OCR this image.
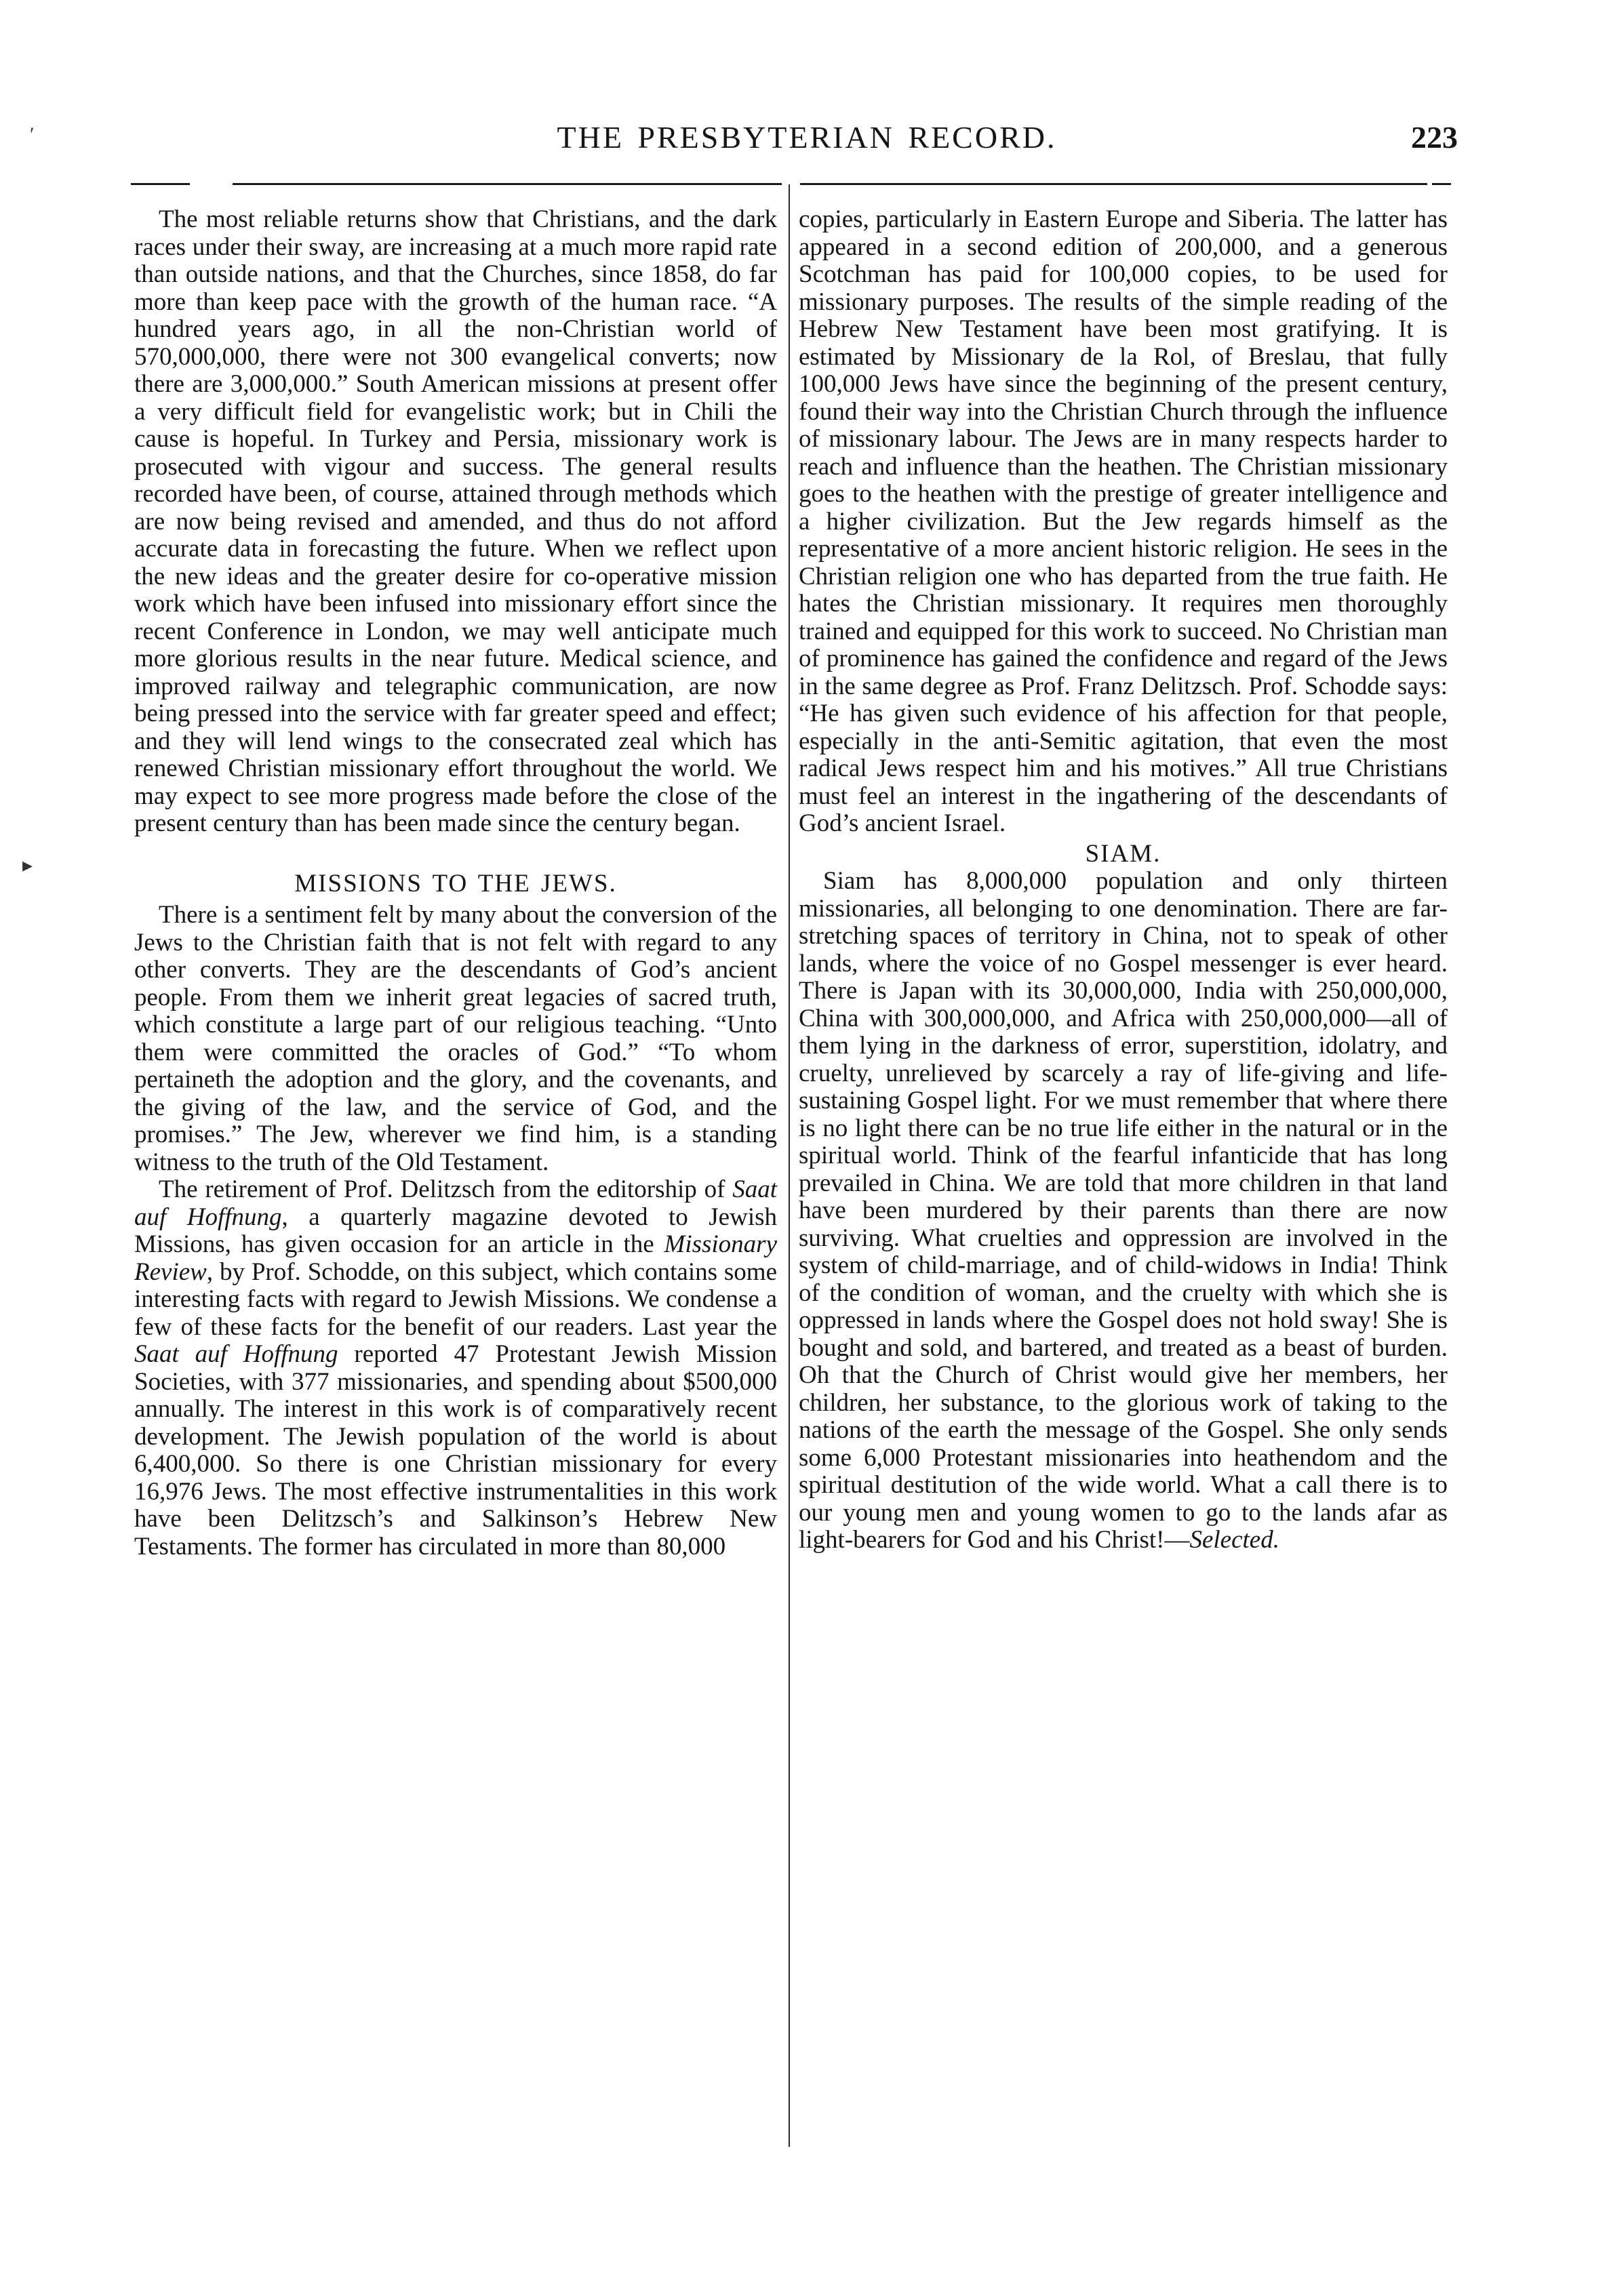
′
▸
THE PRESBYTERIAN RECORD.	223

The most reliable returns show that Christians, and the dark races under their sway, are increasing at a much more rapid rate than outside nations, and that the Churches, since 1858, do far more than keep pace with the growth of the human race. “A hundred years ago, in all the non-Christian world of 570,000,000, there were not 300 evangelical converts; now there are 3,000,000.” South American missions at present offer a very difficult field for evangelistic work; but in Chili the cause is hopeful. In Turkey and Persia, missionary work is prosecuted with vigour and success. The general results recorded have been, of course, attained through methods which are now being revised and amended, and thus do not afford accurate data in forecasting the future. When we reflect upon the new ideas and the greater desire for co-operative mission work which have been infused into missionary effort since the recent Conference in London, we may well anticipate much more glorious results in the near future. Medical science, and improved railway and telegraphic communication, are now being pressed into the service with far greater speed and effect; and they will lend wings to the consecrated zeal which has renewed Christian missionary effort throughout the world. We may expect to see more progress made before the close of the present century than has been made since the century began.

MISSIONS TO THE JEWS.

There is a sentiment felt by many about the conversion of the Jews to the Christian faith that is not felt with regard to any other converts. They are the descendants of God’s ancient people. From them we inherit great legacies of sacred truth, which constitute a large part of our religious teaching. “Unto them were committed the oracles of God.” “To whom pertaineth the adoption and the glory, and the covenants, and the giving of the law, and the service of God, and the promises.” The Jew, wherever we find him, is a standing witness to the truth of the Old Testament.

The retirement of Prof. Delitzsch from the editorship of Saat auf Hoffnung, a quarterly magazine devoted to Jewish Missions, has given occasion for an article in the Missionary Review, by Prof. Schodde, on this subject, which contains some interesting facts with regard to Jewish Missions. We condense a few of these facts for the benefit of our readers. Last year the Saat auf Hoffnung reported 47 Protestant Jewish Mission Societies, with 377 missionaries, and spending about $500,000 annually. The interest in this work is of comparatively recent development. The Jewish population of the world is about 6,400,000. So there is one Christian missionary for every 16,976 Jews. The most effective instrumentalities in this work have been Delitzsch’s and Salkinson’s Hebrew New Testaments. The former has circulated in more than 80,000

copies, particularly in Eastern Europe and Siberia. The latter has appeared in a second edition of 200,000, and a generous Scotchman has paid for 100,000 copies, to be used for missionary purposes. The results of the simple reading of the Hebrew New Testament have been most gratifying. It is estimated by Missionary de la Rol, of Breslau, that fully 100,000 Jews have since the beginning of the present century, found their way into the Christian Church through the influence of missionary labour. The Jews are in many respects harder to reach and influence than the heathen. The Christian missionary goes to the heathen with the prestige of greater intelligence and a higher civilization. But the Jew regards himself as the representative of a more ancient historic religion. He sees in the Christian religion one who has departed from the true faith. He hates the Christian missionary. It requires men thoroughly trained and equipped for this work to succeed. No Christian man of prominence has gained the confidence and regard of the Jews in the same degree as Prof. Franz Delitzsch. Prof. Schodde says: “He has given such evidence of his affection for that people, especially in the anti-Semitic agitation, that even the most radical Jews respect him and his motives.” All true Christians must feel an interest in the ingathering of the descendants of God’s ancient Israel.

SIAM.

Siam has 8,000,000 population and only thirteen missionaries, all belonging to one denomination. There are far-stretching spaces of territory in China, not to speak of other lands, where the voice of no Gospel messenger is ever heard. There is Japan with its 30,000,000, India with 250,000,000, China with 300,000,000, and Africa with 250,000,000—all of them lying in the darkness of error, superstition, idolatry, and cruelty, unrelieved by scarcely a ray of life-giving and life-sustaining Gospel light. For we must remember that where there is no light there can be no true life either in the natural or in the spiritual world. Think of the fearful infanticide that has long prevailed in China. We are told that more children in that land have been murdered by their parents than there are now surviving. What cruelties and oppression are involved in the system of child-marriage, and of child-widows in India! Think of the condition of woman, and the cruelty with which she is oppressed in lands where the Gospel does not hold sway! She is bought and sold, and bartered, and treated as a beast of burden. Oh that the Church of Christ would give her members, her children, her substance, to the glorious work of taking to the nations of the earth the message of the Gospel. She only sends some 6,000 Protestant missionaries into heathendom and the spiritual destitution of the wide world. What a call there is to our young men and young women to go to the lands afar as light-bearers for God and his Christ!—Selected.
